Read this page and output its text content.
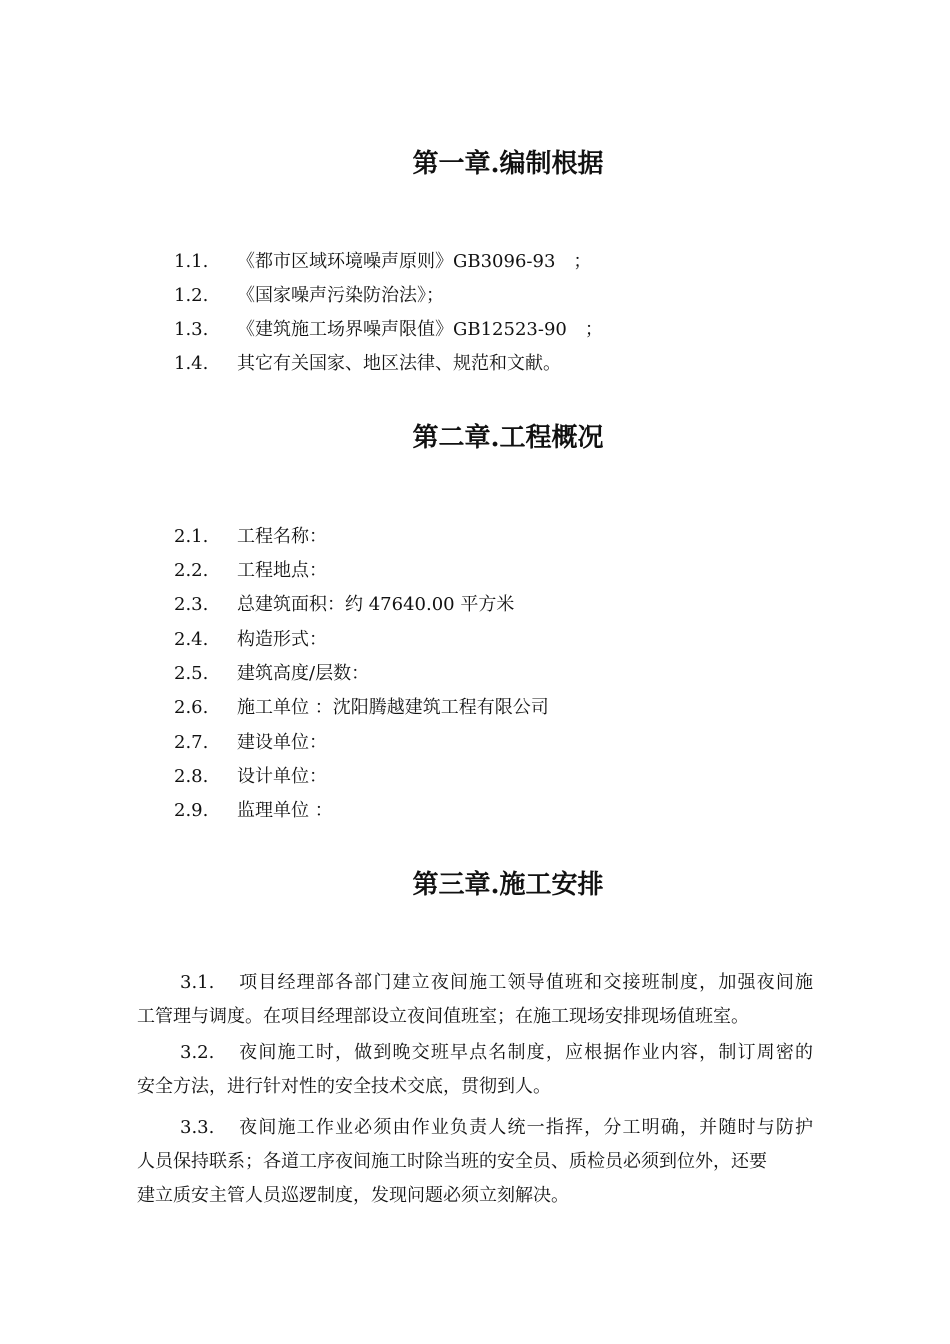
第一章.编制根据
1.1. 《都市区域环境噪声原则》GB3096-93　；
1.2. 《国家噪声污染防治法》；
1.3. 《建筑施工场界噪声限值》GB12523-90　；
1.4. 其它有关国家、地区法律、规范和文献。
第二章.工程概况
2.1. 工程名称：
2.2. 工程地点：
2.3. 总建筑面积：约 47640.00 平方米
2.4. 构造形式：
2.5. 建筑高度/层数：
2.6. 施工单位 ：沈阳腾越建筑工程有限公司
2.7. 建设单位：
2.8. 设计单位：
2.9. 监理单位 ：
第三章.施工安排
3.1. 项目经理部各部门建立夜间施工领导值班和交接班制度，加强夜间施
工管理与调度。在项目经理部设立夜间值班室；在施工现场安排现场值班室。
3.2. 夜间施工时，做到晚交班早点名制度，应根据作业内容，制订周密的
安全方法，进行针对性的安全技术交底，贯彻到人。
3.3. 夜间施工作业必须由作业负责人统一指挥，分工明确，并随时与防护
人员保持联系；各道工序夜间施工时除当班的安全员、质检员必须到位外，还要
建立质安主管人员巡逻制度，发现问题必须立刻解决。
